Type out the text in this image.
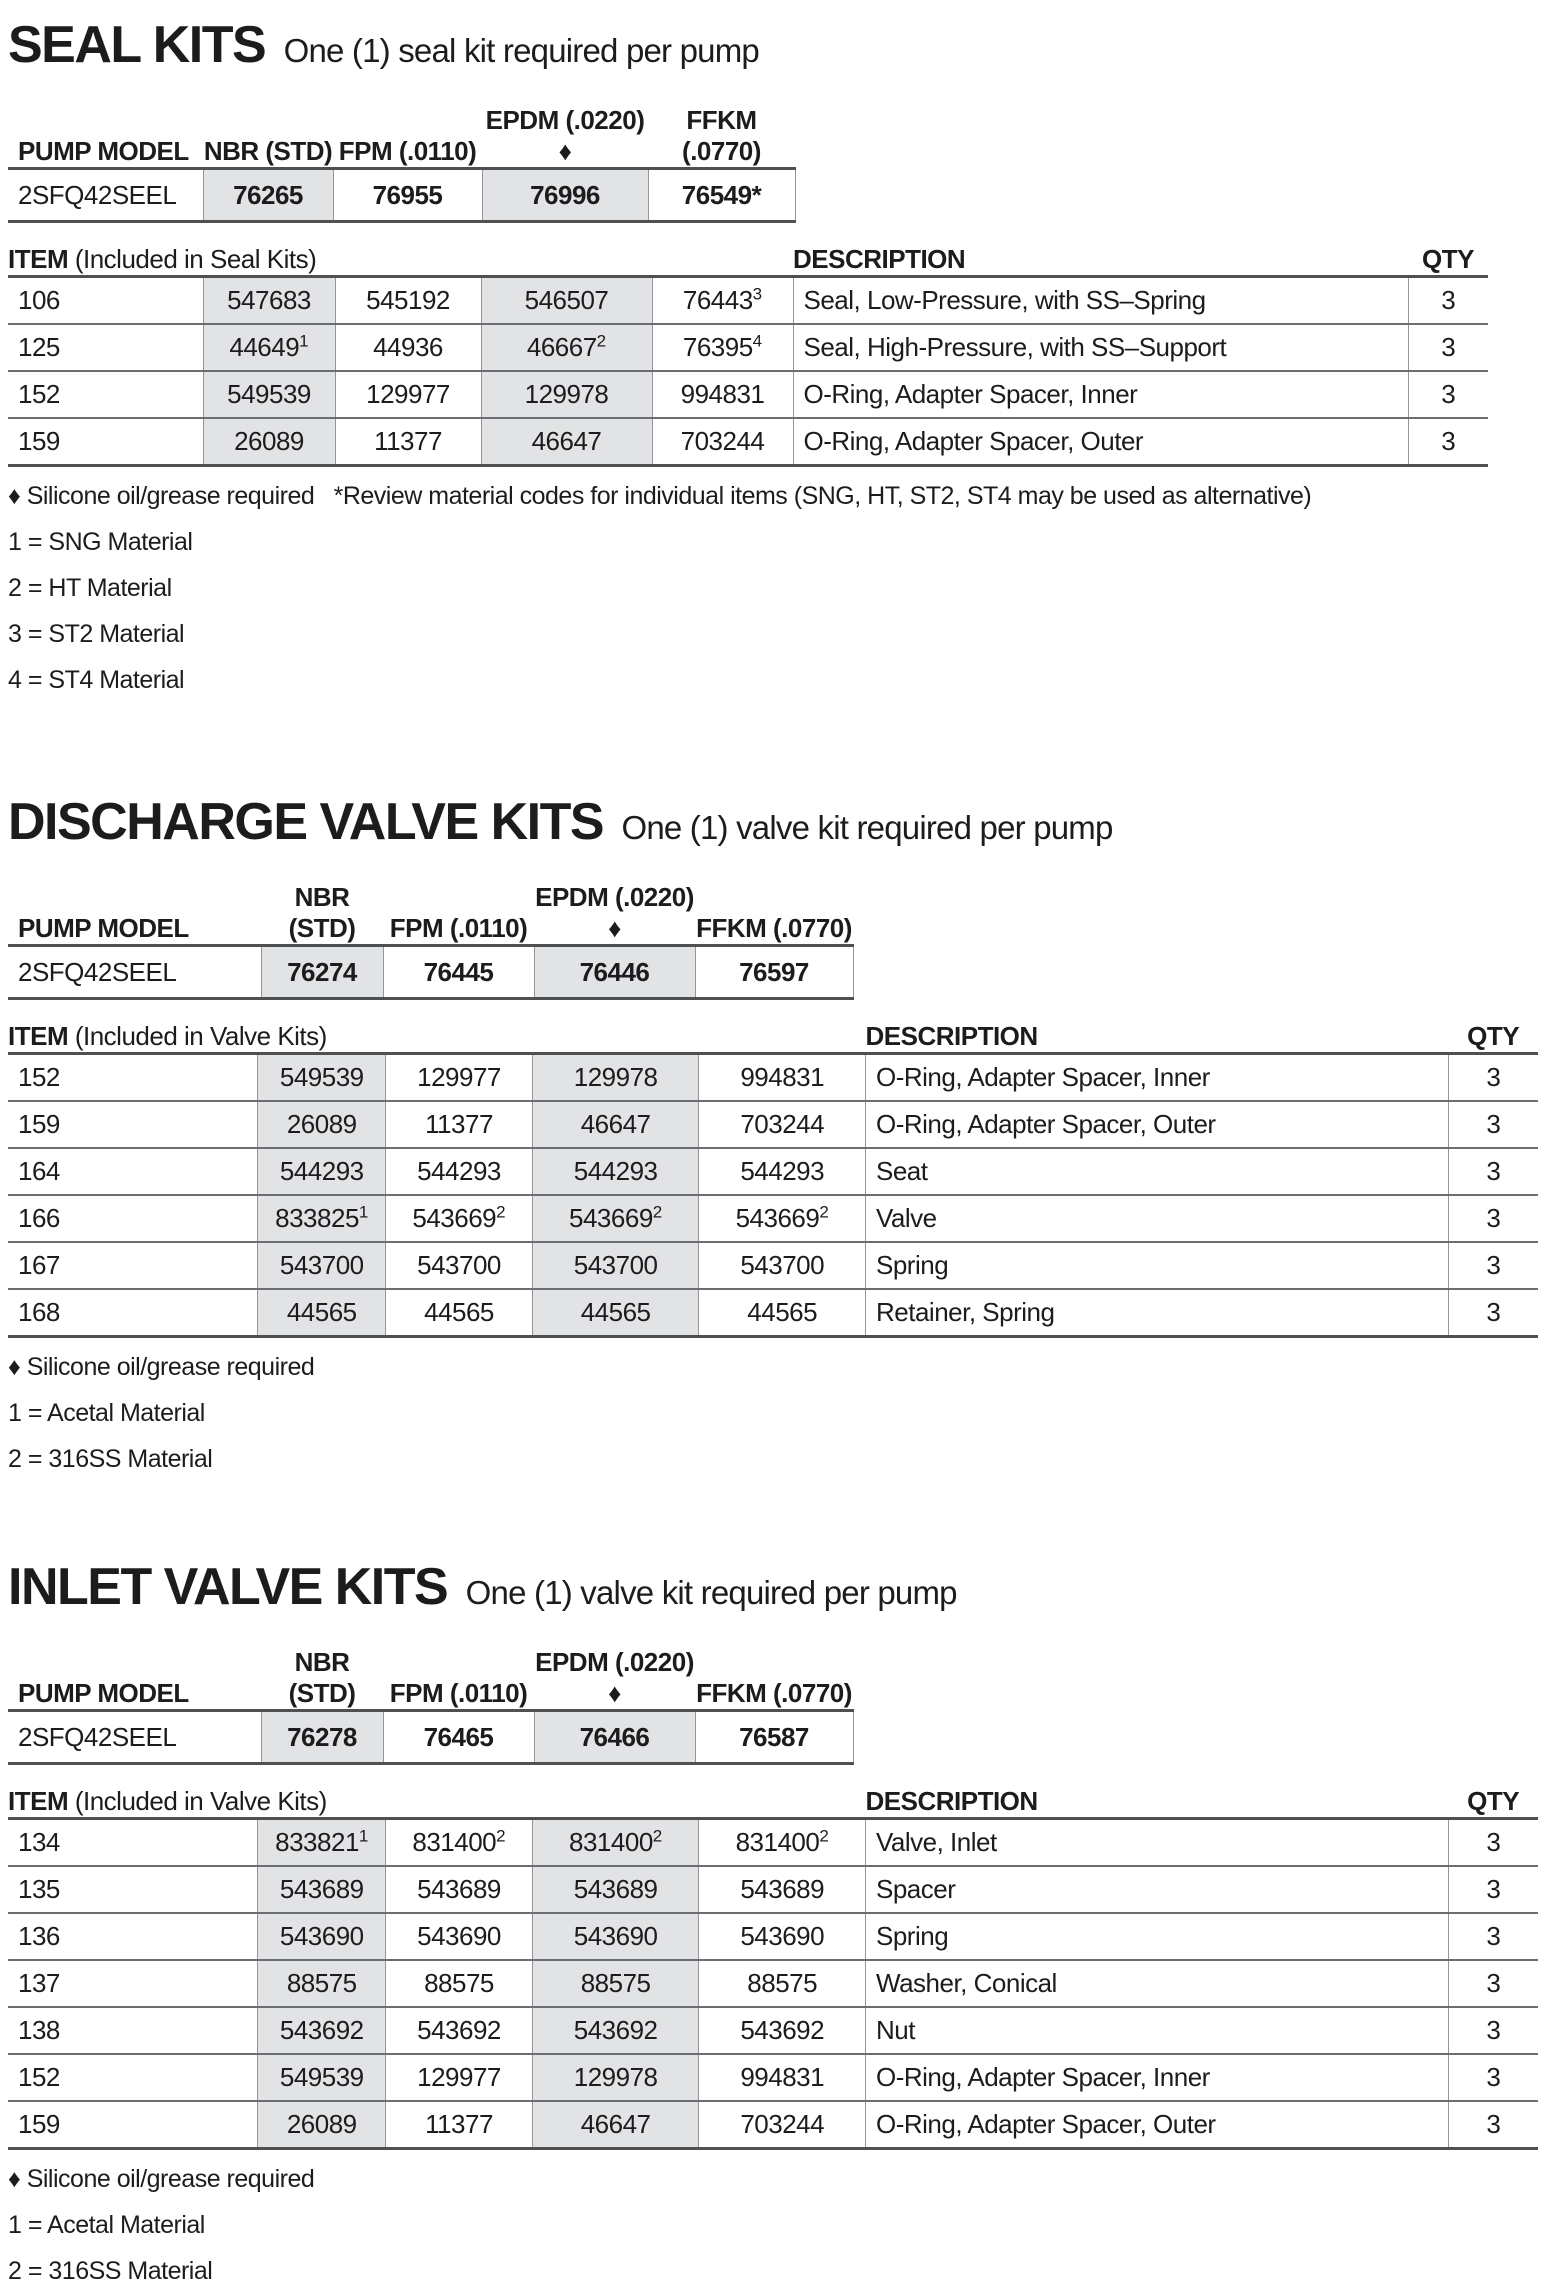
SEAL KITS One (1) seal kit required per pump
PUMP MODEL	NBR (STD)	FPM (.0110)	EPDM (.0220) ♦	FFKM (.0770)
2SFQ42SEEL	76265	76955	76996	76549*
ITEM (Included in Seal Kits)					DESCRIPTION	QTY
106	547683	545192	546507	76443$^3$	Seal, Low-Pressure, with SS–Spring	3
125	44649$^1$	44936	46667$^2$	76395$^4$	Seal, High-Pressure, with SS–Support	3
152	549539	129977	129978	994831	O-Ring, Adapter Spacer, Inner	3
159	26089	11377	46647	703244	O-Ring, Adapter Spacer, Outer	3
♦ Silicone oil/grease required   *Review material codes for individual items (SNG, HT, ST2, ST4 may be used as alternative)
1 = SNG Material
2 = HT Material
3 = ST2 Material
4 = ST4 Material
DISCHARGE VALVE KITS One (1) valve kit required per pump
PUMP MODEL	NBR (STD)	FPM (.0110)	EPDM (.0220) ♦	FFKM (.0770)
2SFQ42SEEL	76274	76445	76446	76597
ITEM (Included in Valve Kits)					DESCRIPTION	QTY
152	549539	129977	129978	994831	O-Ring, Adapter Spacer, Inner	3
159	26089	11377	46647	703244	O-Ring, Adapter Spacer, Outer	3
164	544293	544293	544293	544293	Seat	3
166	833825$^1$	543669$^2$	543669$^2$	543669$^2$	Valve	3
167	543700	543700	543700	543700	Spring	3
168	44565	44565	44565	44565	Retainer, Spring	3
♦ Silicone oil/grease required
1 = Acetal Material
2 = 316SS Material
INLET VALVE KITS One (1) valve kit required per pump
PUMP MODEL	NBR (STD)	FPM (.0110)	EPDM (.0220) ♦	FFKM (.0770)
2SFQ42SEEL	76278	76465	76466	76587
ITEM (Included in Valve Kits)					DESCRIPTION	QTY
134	833821$^1$	831400$^2$	831400$^2$	831400$^2$	Valve, Inlet	3
135	543689	543689	543689	543689	Spacer	3
136	543690	543690	543690	543690	Spring	3
137	88575	88575	88575	88575	Washer, Conical	3
138	543692	543692	543692	543692	Nut	3
152	549539	129977	129978	994831	O-Ring, Adapter Spacer, Inner	3
159	26089	11377	46647	703244	O-Ring, Adapter Spacer, Outer	3
♦ Silicone oil/grease required
1 = Acetal Material
2 = 316SS Material
